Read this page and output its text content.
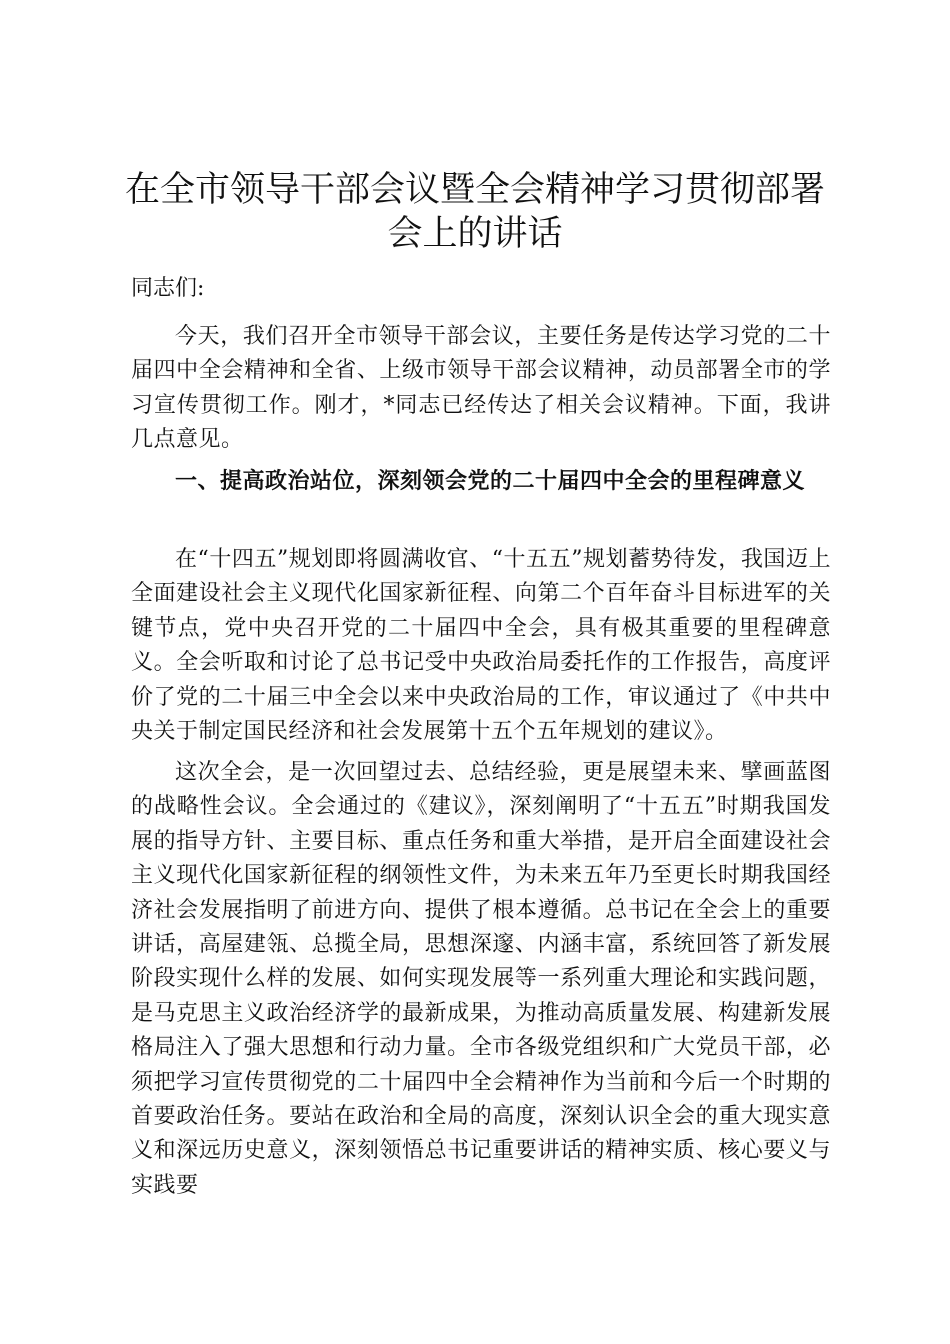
在全市领导干部会议暨全会精神学习贯彻部署会上的讲话

同志们:

今天，我们召开全市领导干部会议，主要任务是传达学习党的二十届四中全会精神和全省、上级市领导干部会议精神，动员部署全市的学习宣传贯彻工作。刚才，*同志已经传达了相关会议精神。下面，我讲几点意见。

一、提高政治站位，深刻领会党的二十届四中全会的里程碑意义

在“十四五”规划即将圆满收官、“十五五”规划蓄势待发，我国迈上全面建设社会主义现代化国家新征程、向第二个百年奋斗目标进军的关键节点，党中央召开党的二十届四中全会，具有极其重要的里程碑意义。全会听取和讨论了总书记受中央政治局委托作的工作报告，高度评价了党的二十届三中全会以来中央政治局的工作，审议通过了《中共中央关于制定国民经济和社会发展第十五个五年规划的建议》。

这次全会，是一次回望过去、总结经验，更是展望未来、擘画蓝图的战略性会议。全会通过的《建议》，深刻阐明了“十五五”时期我国发展的指导方针、主要目标、重点任务和重大举措，是开启全面建设社会主义现代化国家新征程的纲领性文件，为未来五年乃至更长时期我国经济社会发展指明了前进方向、提供了根本遵循。总书记在全会上的重要讲话，高屋建瓴、总揽全局，思想深邃、内涵丰富，系统回答了新发展阶段实现什么样的发展、如何实现发展等一系列重大理论和实践问题，是马克思主义政治经济学的最新成果，为推动高质量发展、构建新发展格局注入了强大思想和行动力量。全市各级党组织和广大党员干部，必须把学习宣传贯彻党的二十届四中全会精神作为当前和今后一个时期的首要政治任务。要站在政治和全局的高度，深刻认识全会的重大现实意义和深远历史意义，深刻领悟总书记重要讲话的精神实质、核心要义与实践要
